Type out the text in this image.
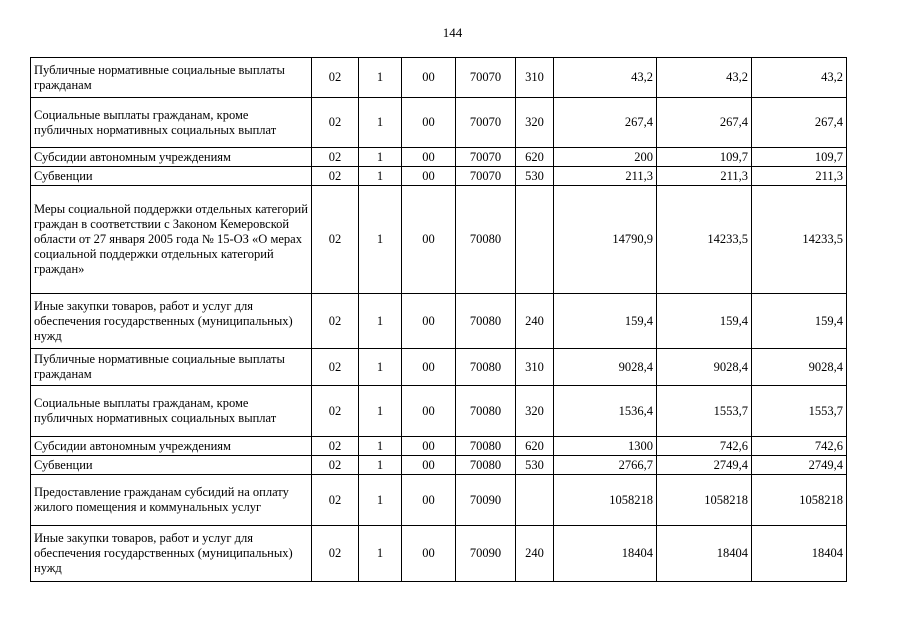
144
Публичные нормативные социальные выплаты гражданам	02	1	00	70070	310	43,2	43,2	43,2
Социальные выплаты гражданам, кроме публичных нормативных социальных выплат	02	1	00	70070	320	267,4	267,4	267,4
Субсидии автономным учреждениям	02	1	00	70070	620	200	109,7	109,7
Субвенции	02	1	00	70070	530	211,3	211,3	211,3
Меры социальной поддержки отдельных категорий граждан в соответствии с Законом Кемеровской области от 27 января 2005 года № 15-ОЗ «О мерах социальной поддержки отдельных категорий граждан»	02	1	00	70080		14790,9	14233,5	14233,5
Иные закупки товаров, работ и услуг для обеспечения государственных (муниципальных) нужд	02	1	00	70080	240	159,4	159,4	159,4
Публичные нормативные социальные выплаты гражданам	02	1	00	70080	310	9028,4	9028,4	9028,4
Социальные выплаты гражданам, кроме публичных нормативных социальных выплат	02	1	00	70080	320	1536,4	1553,7	1553,7
Субсидии автономным учреждениям	02	1	00	70080	620	1300	742,6	742,6
Субвенции	02	1	00	70080	530	2766,7	2749,4	2749,4
Предоставление гражданам субсидий на оплату жилого помещения и коммунальных услуг	02	1	00	70090		1058218	1058218	1058218
Иные закупки товаров, работ и услуг для обеспечения государственных (муниципальных) нужд	02	1	00	70090	240	18404	18404	18404
